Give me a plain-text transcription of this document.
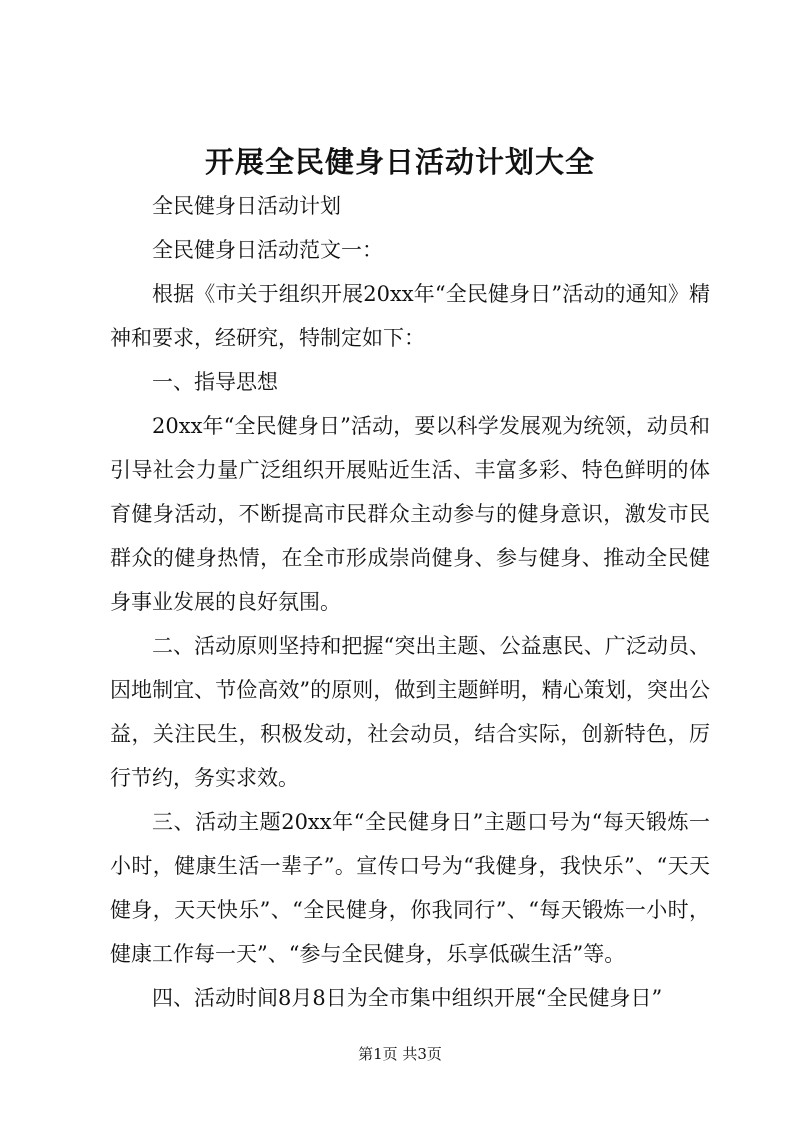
开展全民健身日活动计划大全

全民健身日活动计划

全民健身日活动范文一：

根据《市关于组织开展20xx年“全民健身日”活动的通知》精神和要求，经研究，特制定如下：

一、指导思想

20xx年“全民健身日”活动，要以科学发展观为统领，动员和引导社会力量广泛组织开展贴近生活、丰富多彩、特色鲜明的体育健身活动，不断提高市民群众主动参与的健身意识，激发市民群众的健身热情，在全市形成崇尚健身、参与健身、推动全民健身事业发展的良好氛围。

二、活动原则坚持和把握“突出主题、公益惠民、广泛动员、因地制宜、节俭高效”的原则，做到主题鲜明，精心策划，突出公益，关注民生，积极发动，社会动员，结合实际，创新特色，厉行节约，务实求效。

三、活动主题20xx年“全民健身日”主题口号为“每天锻炼一小时，健康生活一辈子”。宣传口号为“我健身，我快乐”、“天天健身，天天快乐”、“全民健身，你我同行”、“每天锻炼一小时，健康工作每一天”、“参与全民健身，乐享低碳生活”等。

四、活动时间8月8日为全市集中组织开展“全民健身日”

第1页 共3页
